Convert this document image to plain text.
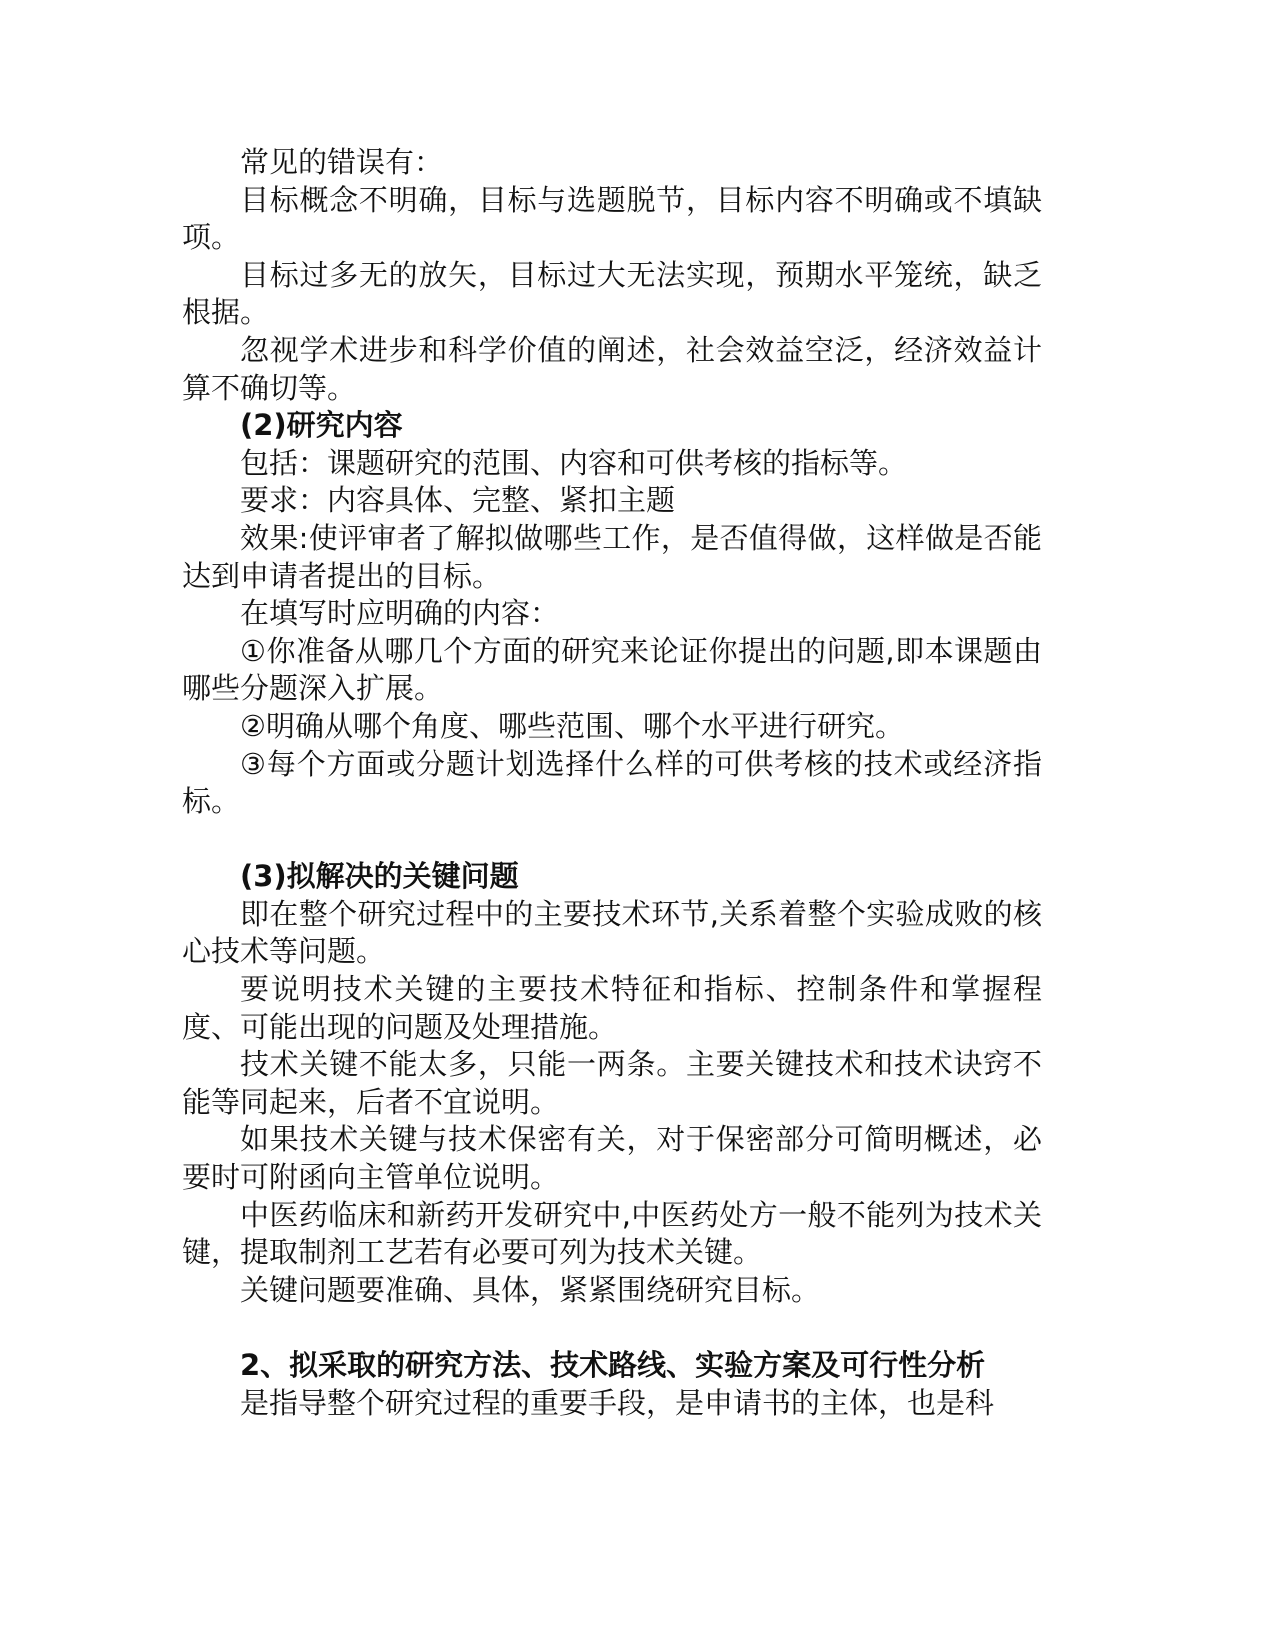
常见的错误有：

目标概念不明确，目标与选题脱节，目标内容不明确或不填缺项。

目标过多无的放矢，目标过大无法实现，预期水平笼统，缺乏根据。

忽视学术进步和科学价值的阐述，社会效益空泛，经济效益计算不确切等。

(2)研究内容

包括：课题研究的范围、内容和可供考核的指标等。

要求：内容具体、完整、紧扣主题

效果:使评审者了解拟做哪些工作，是否值得做，这样做是否能达到申请者提出的目标。

在填写时应明确的内容：

①你准备从哪几个方面的研究来论证你提出的问题,即本课题由哪些分题深入扩展。

②明确从哪个角度、哪些范围、哪个水平进行研究。

③每个方面或分题计划选择什么样的可供考核的技术或经济指标。

(3)拟解决的关键问题

即在整个研究过程中的主要技术环节,关系着整个实验成败的核心技术等问题。

要说明技术关键的主要技术特征和指标、控制条件和掌握程度、可能出现的问题及处理措施。

技术关键不能太多，只能一两条。主要关键技术和技术诀窍不能等同起来，后者不宜说明。

如果技术关键与技术保密有关，对于保密部分可简明概述，必要时可附函向主管单位说明。

中医药临床和新药开发研究中,中医药处方一般不能列为技术关键，提取制剂工艺若有必要可列为技术关键。

关键问题要准确、具体，紧紧围绕研究目标。

2、拟采取的研究方法、技术路线、实验方案及可行性分析

是指导整个研究过程的重要手段，是申请书的主体，也是科
